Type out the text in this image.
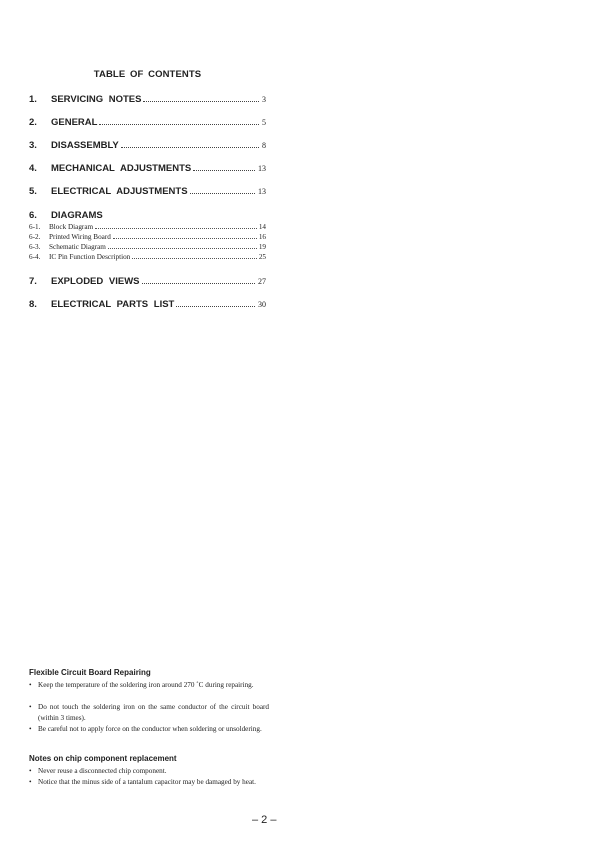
TABLE OF CONTENTS
1.	SERVICING NOTES	3
2.	GENERAL	5
3.	DISASSEMBLY	8
4.	MECHANICAL ADJUSTMENTS	13
5.	ELECTRICAL ADJUSTMENTS	13
6.	DIAGRAMS
6-1.	Block Diagram	14
6-2.	Printed Wiring Board	16
6-3.	Schematic Diagram	19
6-4.	IC Pin Function Description	25
7.	EXPLODED VIEWS	27
8.	ELECTRICAL PARTS LIST	30
Flexible Circuit Board Repairing
• Keep the temperature of the soldering iron around 270 ˚C during repairing.
• Do not touch the soldering iron on the same conductor of the circuit board (within 3 times).
• Be careful not to apply force on the conductor when soldering or unsoldering.
Notes on chip component replacement
• Never reuse a disconnected chip component.
• Notice that the minus side of a tantalum capacitor may be damaged by heat.
– 2 –
